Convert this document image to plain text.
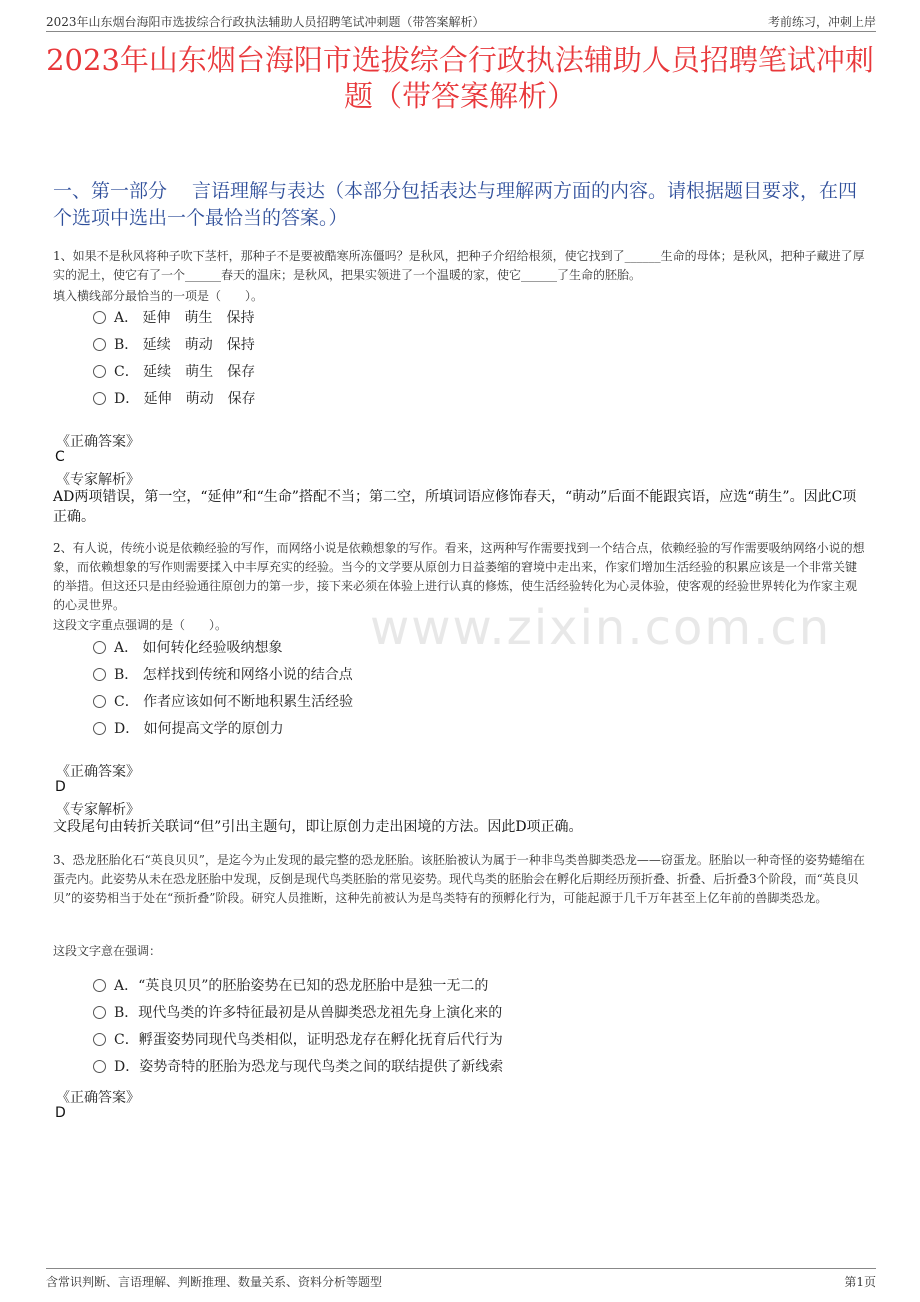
2023年山东烟台海阳市选拔综合行政执法辅助人员招聘笔试冲刺题（带答案解析）	考前练习，冲刺上岸
2023年山东烟台海阳市选拔综合行政执法辅助人员招聘笔试冲刺题（带答案解析）
一、第一部分　 言语理解与表达（本部分包括表达与理解两方面的内容。请根据题目要求，在四个选项中选出一个最恰当的答案。）
www.zixin.com.cn
1、如果不是秋风将种子吹下茎杆，那种子不是要被酷寒所冻僵吗？是秋风，把种子介绍给根须，使它找到了______生命的母体；是秋风，把种子藏进了厚实的泥土，使它有了一个______春天的温床；是秋风，把果实领进了一个温暖的家，使它______了生命的胚胎。
填入横线部分最恰当的一项是（　　）。
A． 延伸　萌生　保持
B． 延续　萌动　保持
C． 延续　萌生　保存
D． 延伸　萌动　保存
《正确答案》
C
《专家解析》
AD两项错误，第一空，“延伸”和“生命”搭配不当；第二空，所填词语应修饰春天，“萌动”后面不能跟宾语，应选“萌生”。因此C项正确。
2、有人说，传统小说是依赖经验的写作，而网络小说是依赖想象的写作。看来，这两种写作需要找到一个结合点，依赖经验的写作需要吸纳网络小说的想象，而依赖想象的写作则需要揉入中丰厚充实的经验。当今的文学要从原创力日益萎缩的窘境中走出来，作家们增加生活经验的积累应该是一个非常关键的举措。但这还只是由经验通往原创力的第一步，接下来必须在体验上进行认真的修炼，使生活经验转化为心灵体验，使客观的经验世界转化为作家主观的心灵世界。
这段文字重点强调的是（　　）。
A． 如何转化经验吸纳想象
B． 怎样找到传统和网络小说的结合点
C． 作者应该如何不断地积累生活经验
D． 如何提高文学的原创力
《正确答案》
D
《专家解析》
文段尾句由转折关联词“但”引出主题句，即让原创力走出困境的方法。因此D项正确。
3、恐龙胚胎化石“英良贝贝”，是迄今为止发现的最完整的恐龙胚胎。该胚胎被认为属于一种非鸟类兽脚类恐龙——窃蛋龙。胚胎以一种奇怪的姿势蜷缩在蛋壳内。此姿势从未在恐龙胚胎中发现，反倒是现代鸟类胚胎的常见姿势。现代鸟类的胚胎会在孵化后期经历预折叠、折叠、后折叠3个阶段，而“英良贝贝”的姿势相当于处在“预折叠”阶段。研究人员推断，这种先前被认为是鸟类特有的预孵化行为，可能起源于几千万年甚至上亿年前的兽脚类恐龙。
这段文字意在强调：
A．“英良贝贝”的胚胎姿势在已知的恐龙胚胎中是独一无二的
B．现代鸟类的许多特征最初是从兽脚类恐龙祖先身上演化来的
C．孵蛋姿势同现代鸟类相似，证明恐龙存在孵化抚育后代行为
D．姿势奇特的胚胎为恐龙与现代鸟类之间的联结提供了新线索
《正确答案》
D
含常识判断、言语理解、判断推理、数量关系、资料分析等题型	第1页
